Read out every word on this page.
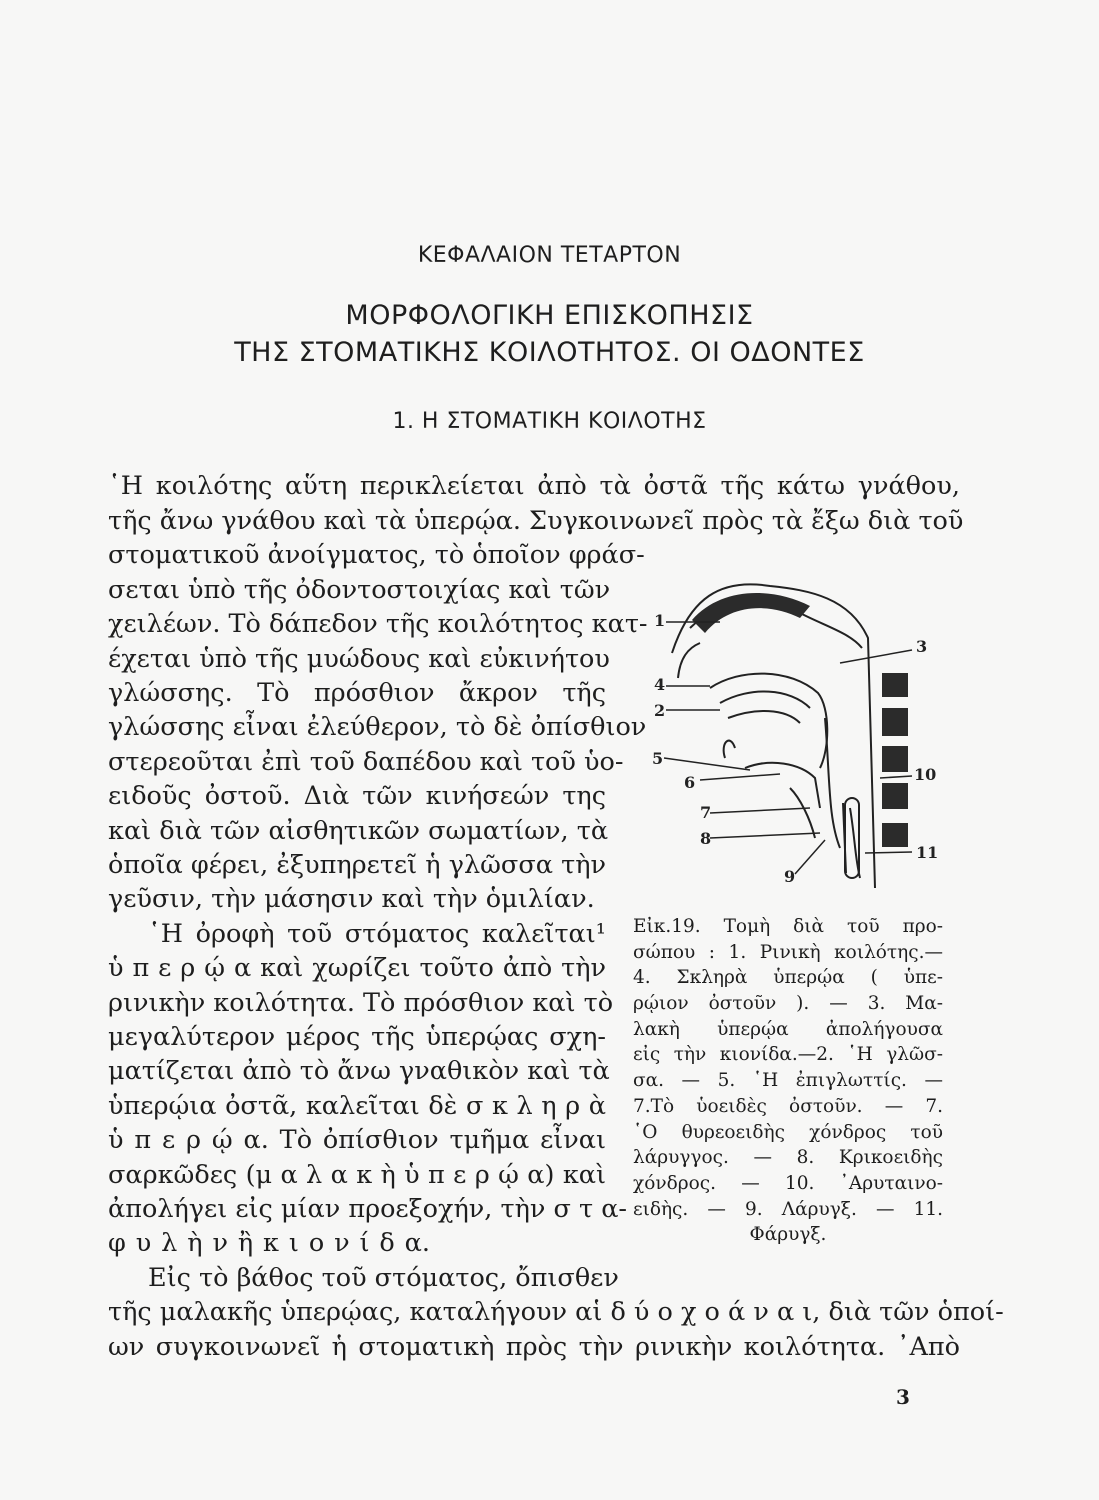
ΚΕΦΑΛΑΙΟΝ ΤΕΤΑΡΤΟΝ
ΜΟΡΦΟΛΟΓΙΚΗ ΕΠΙΣΚΟΠΗΣΙΣ
ΤΗΣ ΣΤΟΜΑΤΙΚΗΣ ΚΟΙΛΟΤΗΤΟΣ. ΟΙ ΟΔΟΝΤΕΣ
1. Η ΣΤΟΜΑΤΙΚΗ ΚΟΙΛΟΤΗΣ
῾Η κοιλότης αὕτη περικλείεται ἀπὸ τὰ ὀστᾶ τῆς κάτω γνάθου,
τῆς ἄνω γνάθου καὶ τὰ ὑπερῴα. Συγκοινωνεῖ πρὸς τὰ ἔξω διὰ τοῦ
στοματικοῦ ἀνοίγματος, τὸ ὁποῖον φράσ-
σεται ὑπὸ τῆς ὀδοντοστοιχίας καὶ τῶν
χειλέων. Τὸ δάπεδον τῆς κοιλότητος κατ-
έχεται ὑπὸ τῆς μυώδους καὶ εὐκινήτου
γλώσσης. Τὸ πρόσθιον ἄκρον τῆς
γλώσσης εἶναι ἐλεύθερον, τὸ δὲ ὀπίσθιον
στερεοῦται ἐπὶ τοῦ δαπέδου καὶ τοῦ ὑο-
ειδοῦς ὀστοῦ. Διὰ τῶν κινήσεών της
καὶ διὰ τῶν αἰσθητικῶν σωματίων, τὰ
ὁποῖα φέρει, ἐξυπηρετεῖ ἡ γλῶσσα τὴν
γεῦσιν, τὴν μάσησιν καὶ τὴν ὁμιλίαν.
῾Η ὀροφὴ τοῦ στόματος καλεῖται¹
ὑ π ε ρ ῴ α καὶ χωρίζει τοῦτο ἀπὸ τὴν
ρινικὴν κοιλότητα. Τὸ πρόσθιον καὶ τὸ
μεγαλύτερον μέρος τῆς ὑπερῴας σχη-
ματίζεται ἀπὸ τὸ ἄνω γναθικὸν καὶ τὰ
ὑπερῴια ὀστᾶ, καλεῖται δὲ σ κ λ η ρ ὰ
ὑ π ε ρ ῴ α. Τὸ ὀπίσθιον τμῆμα εἶναι
σαρκῶδες (μ α λ α κ ὴ ὑ π ε ρ ῴ α) καὶ
ἀπολήγει εἰς μίαν προεξοχήν, τὴν σ τ α-
φ υ λ ὴ ν ἢ κ ι ο ν ί δ α.
Εἰς τὸ βάθος τοῦ στόματος, ὄπισθεν
τῆς μαλακῆς ὑπερῴας, καταλήγουν αἱ δ ύ ο χ ο ά ν α ι, διὰ τῶν ὁποί-
ων συγκοινωνεῖ ἡ στοματικὴ πρὸς τὴν ρινικὴν κοιλότητα. ᾿Απὸ
1
3
4
2
5
6	10
7
8
11
9
Εἰκ.19. Τομὴ διὰ τοῦ προ-
σώπου : 1. Ρινικὴ κοιλότης.—
4. Σκληρὰ ὑπερῴα ( ὑπε-
ρῴιον ὀστοῦν ). — 3. Μα-
λακὴ ὑπερῴα ἀπολήγουσα
εἰς τὴν κιονίδα.—2. ῾Η γλῶσ-
σα. — 5. ῾Η ἐπιγλωττίς. —
7.Τὸ ὑοειδὲς ὀστοῦν. — 7.
῾Ο θυρεοειδὴς χόνδρος τοῦ
λάρυγγος. — 8. Κρικοειδὴς
χόνδρος. — 10. ᾿Αρυταινο-
ειδὴς. — 9. Λάρυγξ. — 11.
Φάρυγξ.
3
